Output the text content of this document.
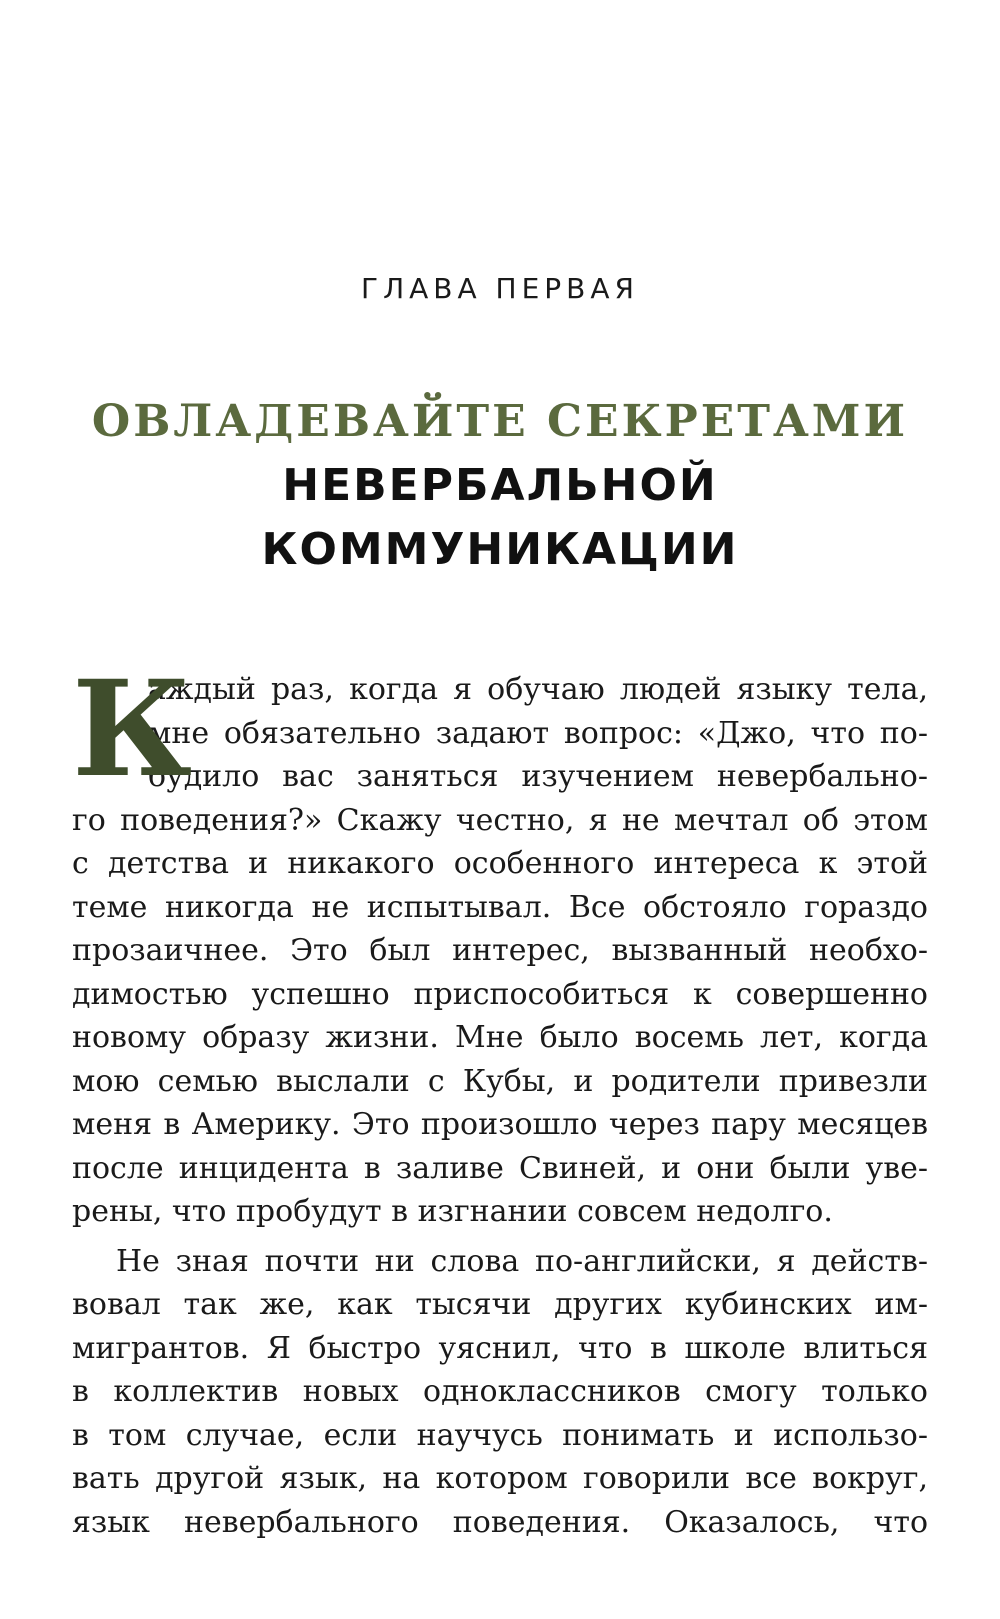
ГЛАВА ПЕРВАЯ
ОВЛАДЕВАЙТЕ СЕКРЕТАМИ
НЕВЕРБАЛЬНОЙ
КОММУНИКАЦИИ
К
аждый раз, когда я обучаю людей языку тела,
мне обязательно задают вопрос: «Джо, что по-
будило вас заняться изучением невербально-
го поведения?» Скажу честно, я не мечтал об этом
с детства и никакого особенного интереса к этой
теме никогда не испытывал. Все обстояло гораздо
прозаичнее. Это был интерес, вызванный необхо-
димостью успешно приспособиться к совершенно
новому образу жизни. Мне было восемь лет, когда
мою семью выслали с Кубы, и родители привезли
меня в Америку. Это произошло через пару месяцев
после инцидента в заливе Свиней, и они были уве-
рены, что пробудут в изгнании совсем недолго.
Не зная почти ни слова по-английски, я действ-
вовал так же, как тысячи других кубинских им-
мигрантов. Я быстро уяснил, что в школе влиться
в коллектив новых одноклассников смогу только
в том случае, если научусь понимать и использо-
вать другой язык, на котором говорили все вокруг,
язык невербального поведения. Оказалось, что
